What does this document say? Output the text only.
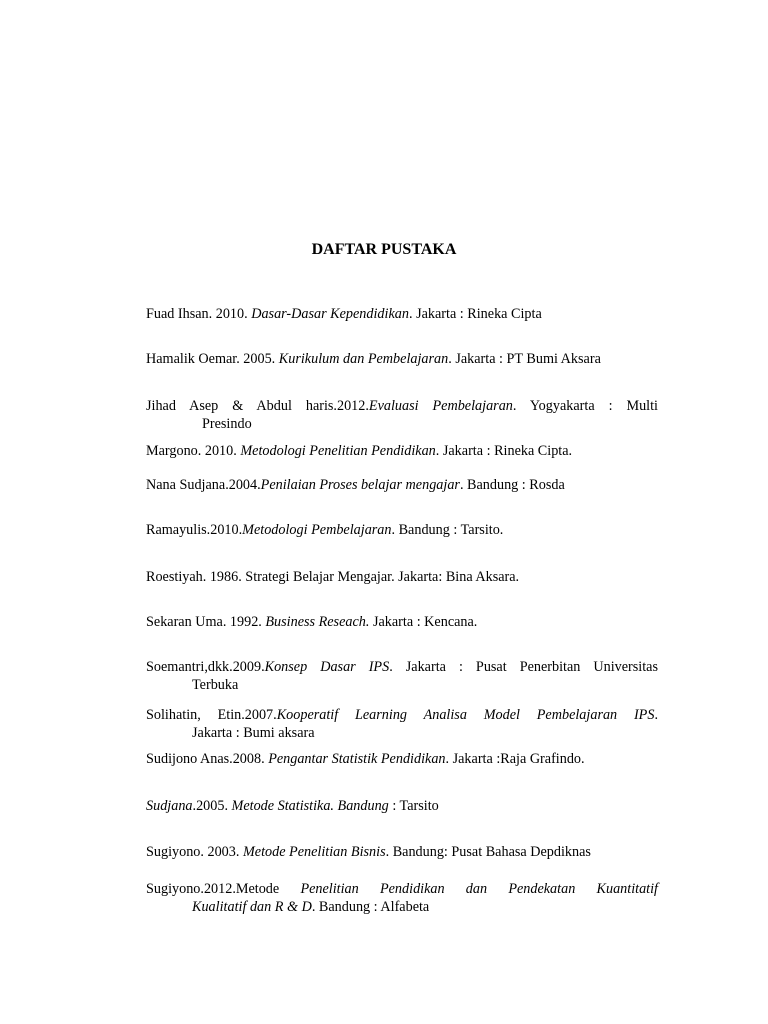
DAFTAR PUSTAKA
Fuad Ihsan. 2010. Dasar-Dasar Kependidikan. Jakarta : Rineka Cipta
Hamalik Oemar. 2005. Kurikulum dan Pembelajaran. Jakarta : PT Bumi Aksara
Jihad Asep & Abdul haris.2012.Evaluasi Pembelajaran. Yogyakarta : Multi
Presindo
Margono. 2010. Metodologi Penelitian Pendidikan. Jakarta : Rineka Cipta.
Nana Sudjana.2004.Penilaian Proses belajar mengajar. Bandung : Rosda
Ramayulis.2010.Metodologi Pembelajaran. Bandung : Tarsito.
Roestiyah. 1986. Strategi Belajar Mengajar. Jakarta: Bina Aksara.
Sekaran Uma. 1992. Business Reseach. Jakarta : Kencana.
Soemantri,dkk.2009.Konsep Dasar IPS. Jakarta : Pusat Penerbitan Universitas
Terbuka
Solihatin, Etin.2007.Kooperatif Learning Analisa Model Pembelajaran IPS.
Jakarta : Bumi aksara
Sudijono Anas.2008. Pengantar Statistik Pendidikan. Jakarta :Raja Grafindo.
Sudjana.2005. Metode Statistika. Bandung : Tarsito
Sugiyono. 2003. Metode Penelitian Bisnis. Bandung: Pusat Bahasa Depdiknas
Sugiyono.2012.Metode Penelitian Pendidikan dan Pendekatan Kuantitatif
Kualitatif dan R & D. Bandung : Alfabeta
